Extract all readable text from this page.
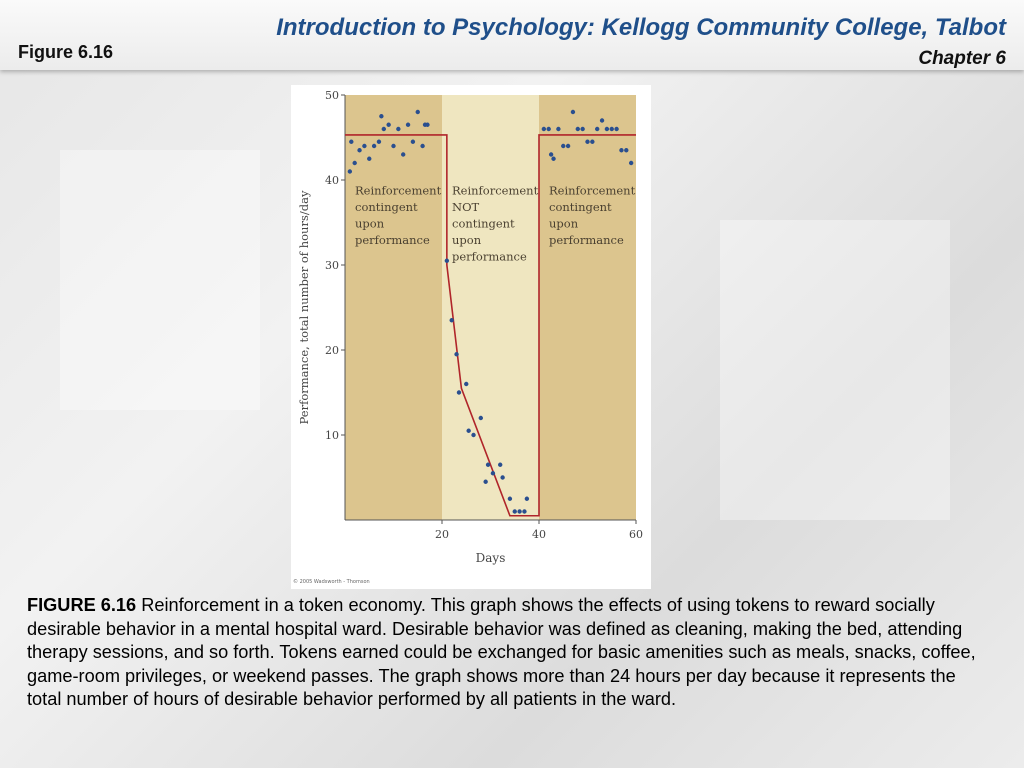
Figure 6.16
Introduction to Psychology: Kellogg Community College, Talbot
Chapter 6
10
20
30
40
50
20	40	60
Days
Performance, total number of hours/day
Reinforcement contingent upon performance
Reinforcement NOT contingent upon performance
Reinforcement contingent upon performance
© 2005 Wadsworth - Thomson
FIGURE 6.16 Reinforcement in a token economy. This graph shows the effects of using tokens to reward socially desirable behavior in a mental hospital ward. Desirable behavior was defined as cleaning, making the bed, attending therapy sessions, and so forth. Tokens earned could be exchanged for basic amenities such as meals, snacks, coffee, game-room privileges, or weekend passes. The graph shows more than 24 hours per day because it represents the total number of hours of desirable behavior performed by all patients in the ward.
